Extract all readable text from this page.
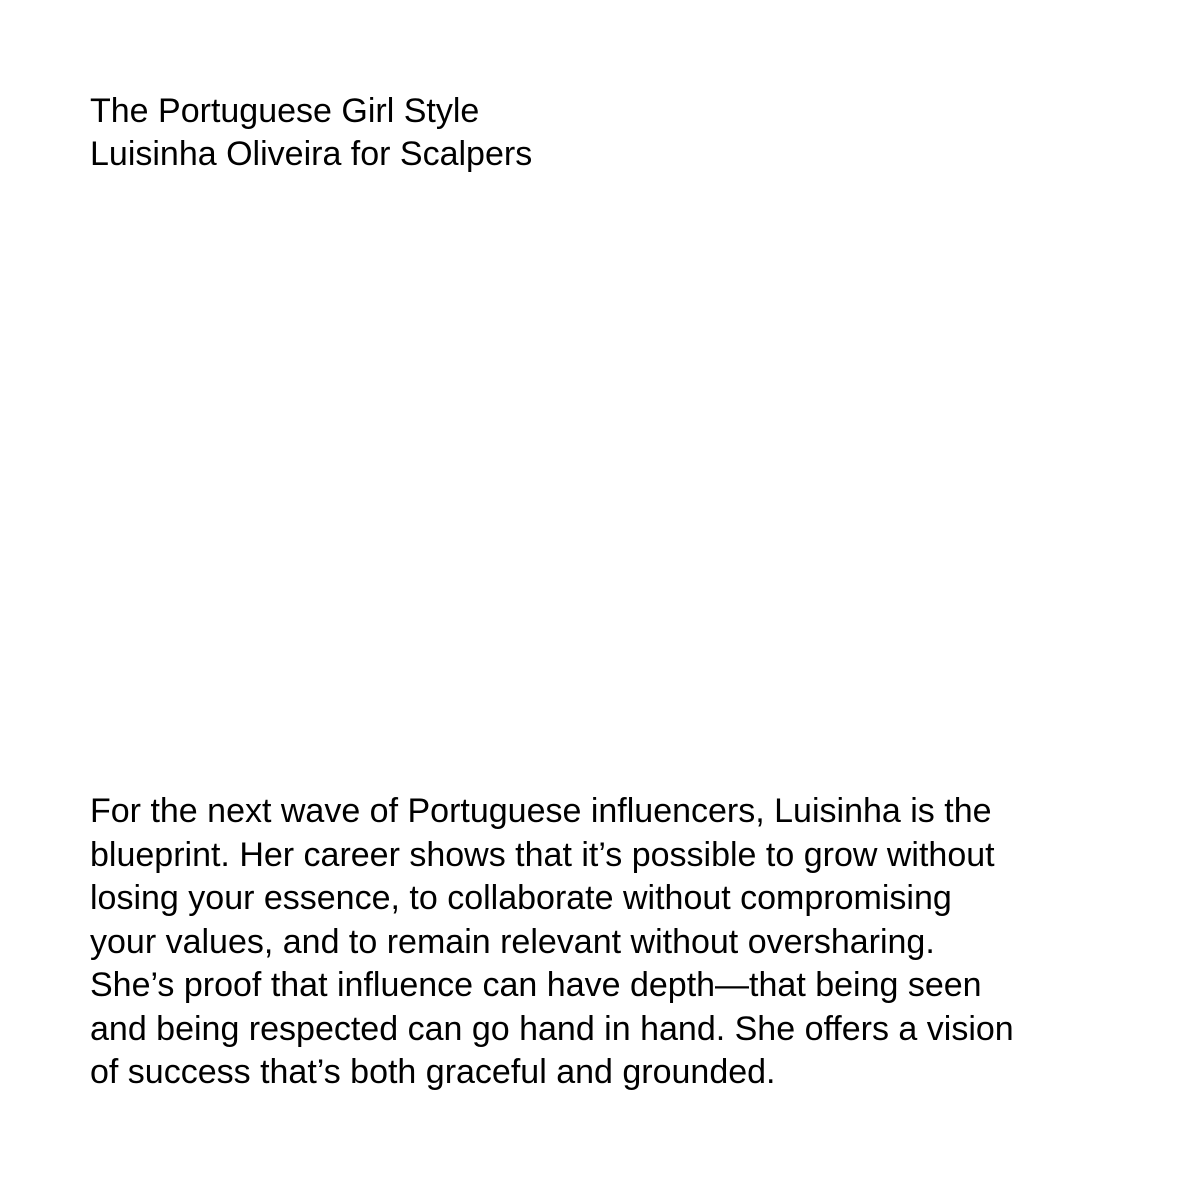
The Portuguese Girl Style
Luisinha Oliveira for Scalpers
For the next wave of Portuguese influencers, Luisinha is the
blueprint. Her career shows that it’s possible to grow without
losing your essence, to collaborate without compromising
your values, and to remain relevant without oversharing.
She’s proof that influence can have depth—that being seen
and being respected can go hand in hand. She offers a vision
of success that’s both graceful and grounded.
